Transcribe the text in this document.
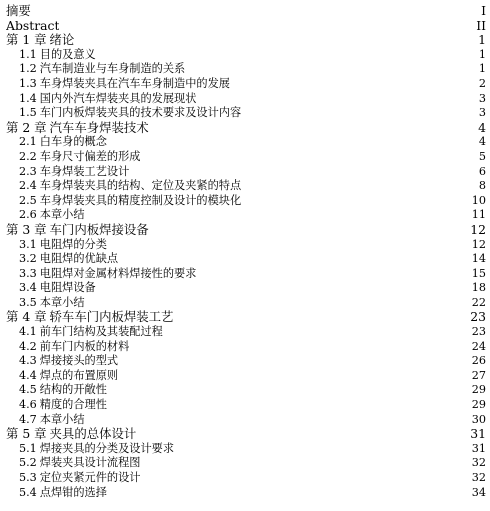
摘要	I
Abstract	II
第 1 章 绪论	1
1.1 目的及意义	1
1.2 汽车制造业与车身制造的关系	1
1.3 车身焊装夹具在汽车车身制造中的发展	2
1.4 国内外汽车焊装夹具的发展现状	3
1.5 车门内板焊装夹具的技术要求及设计内容	3
第 2 章 汽车车身焊装技术	4
2.1 白车身的概念	4
2.2 车身尺寸偏差的形成	5
2.3 车身焊装工艺设计	6
2.4 车身焊装夹具的结构、定位及夹紧的特点	8
2.5 车身焊装夹具的精度控制及设计的模块化	10
2.6 本章小结	11
第 3 章 车门内板焊接设备	12
3.1 电阻焊的分类	12
3.2 电阻焊的优缺点	14
3.3 电阻焊对金属材料焊接性的要求	15
3.4 电阻焊设备	18
3.5 本章小结	22
第 4 章 轿车车门内板焊装工艺	23
4.1 前车门结构及其装配过程	23
4.2 前车门内板的材料	24
4.3 焊接接头的型式	26
4.4 焊点的布置原则	27
4.5 结构的开敞性	29
4.6 精度的合理性	29
4.7 本章小结	30
第 5 章 夹具的总体设计	31
5.1 焊接夹具的分类及设计要求	31
5.2 焊装夹具设计流程图	32
5.3 定位夹紧元件的设计	32
5.4 点焊钳的选择	34
